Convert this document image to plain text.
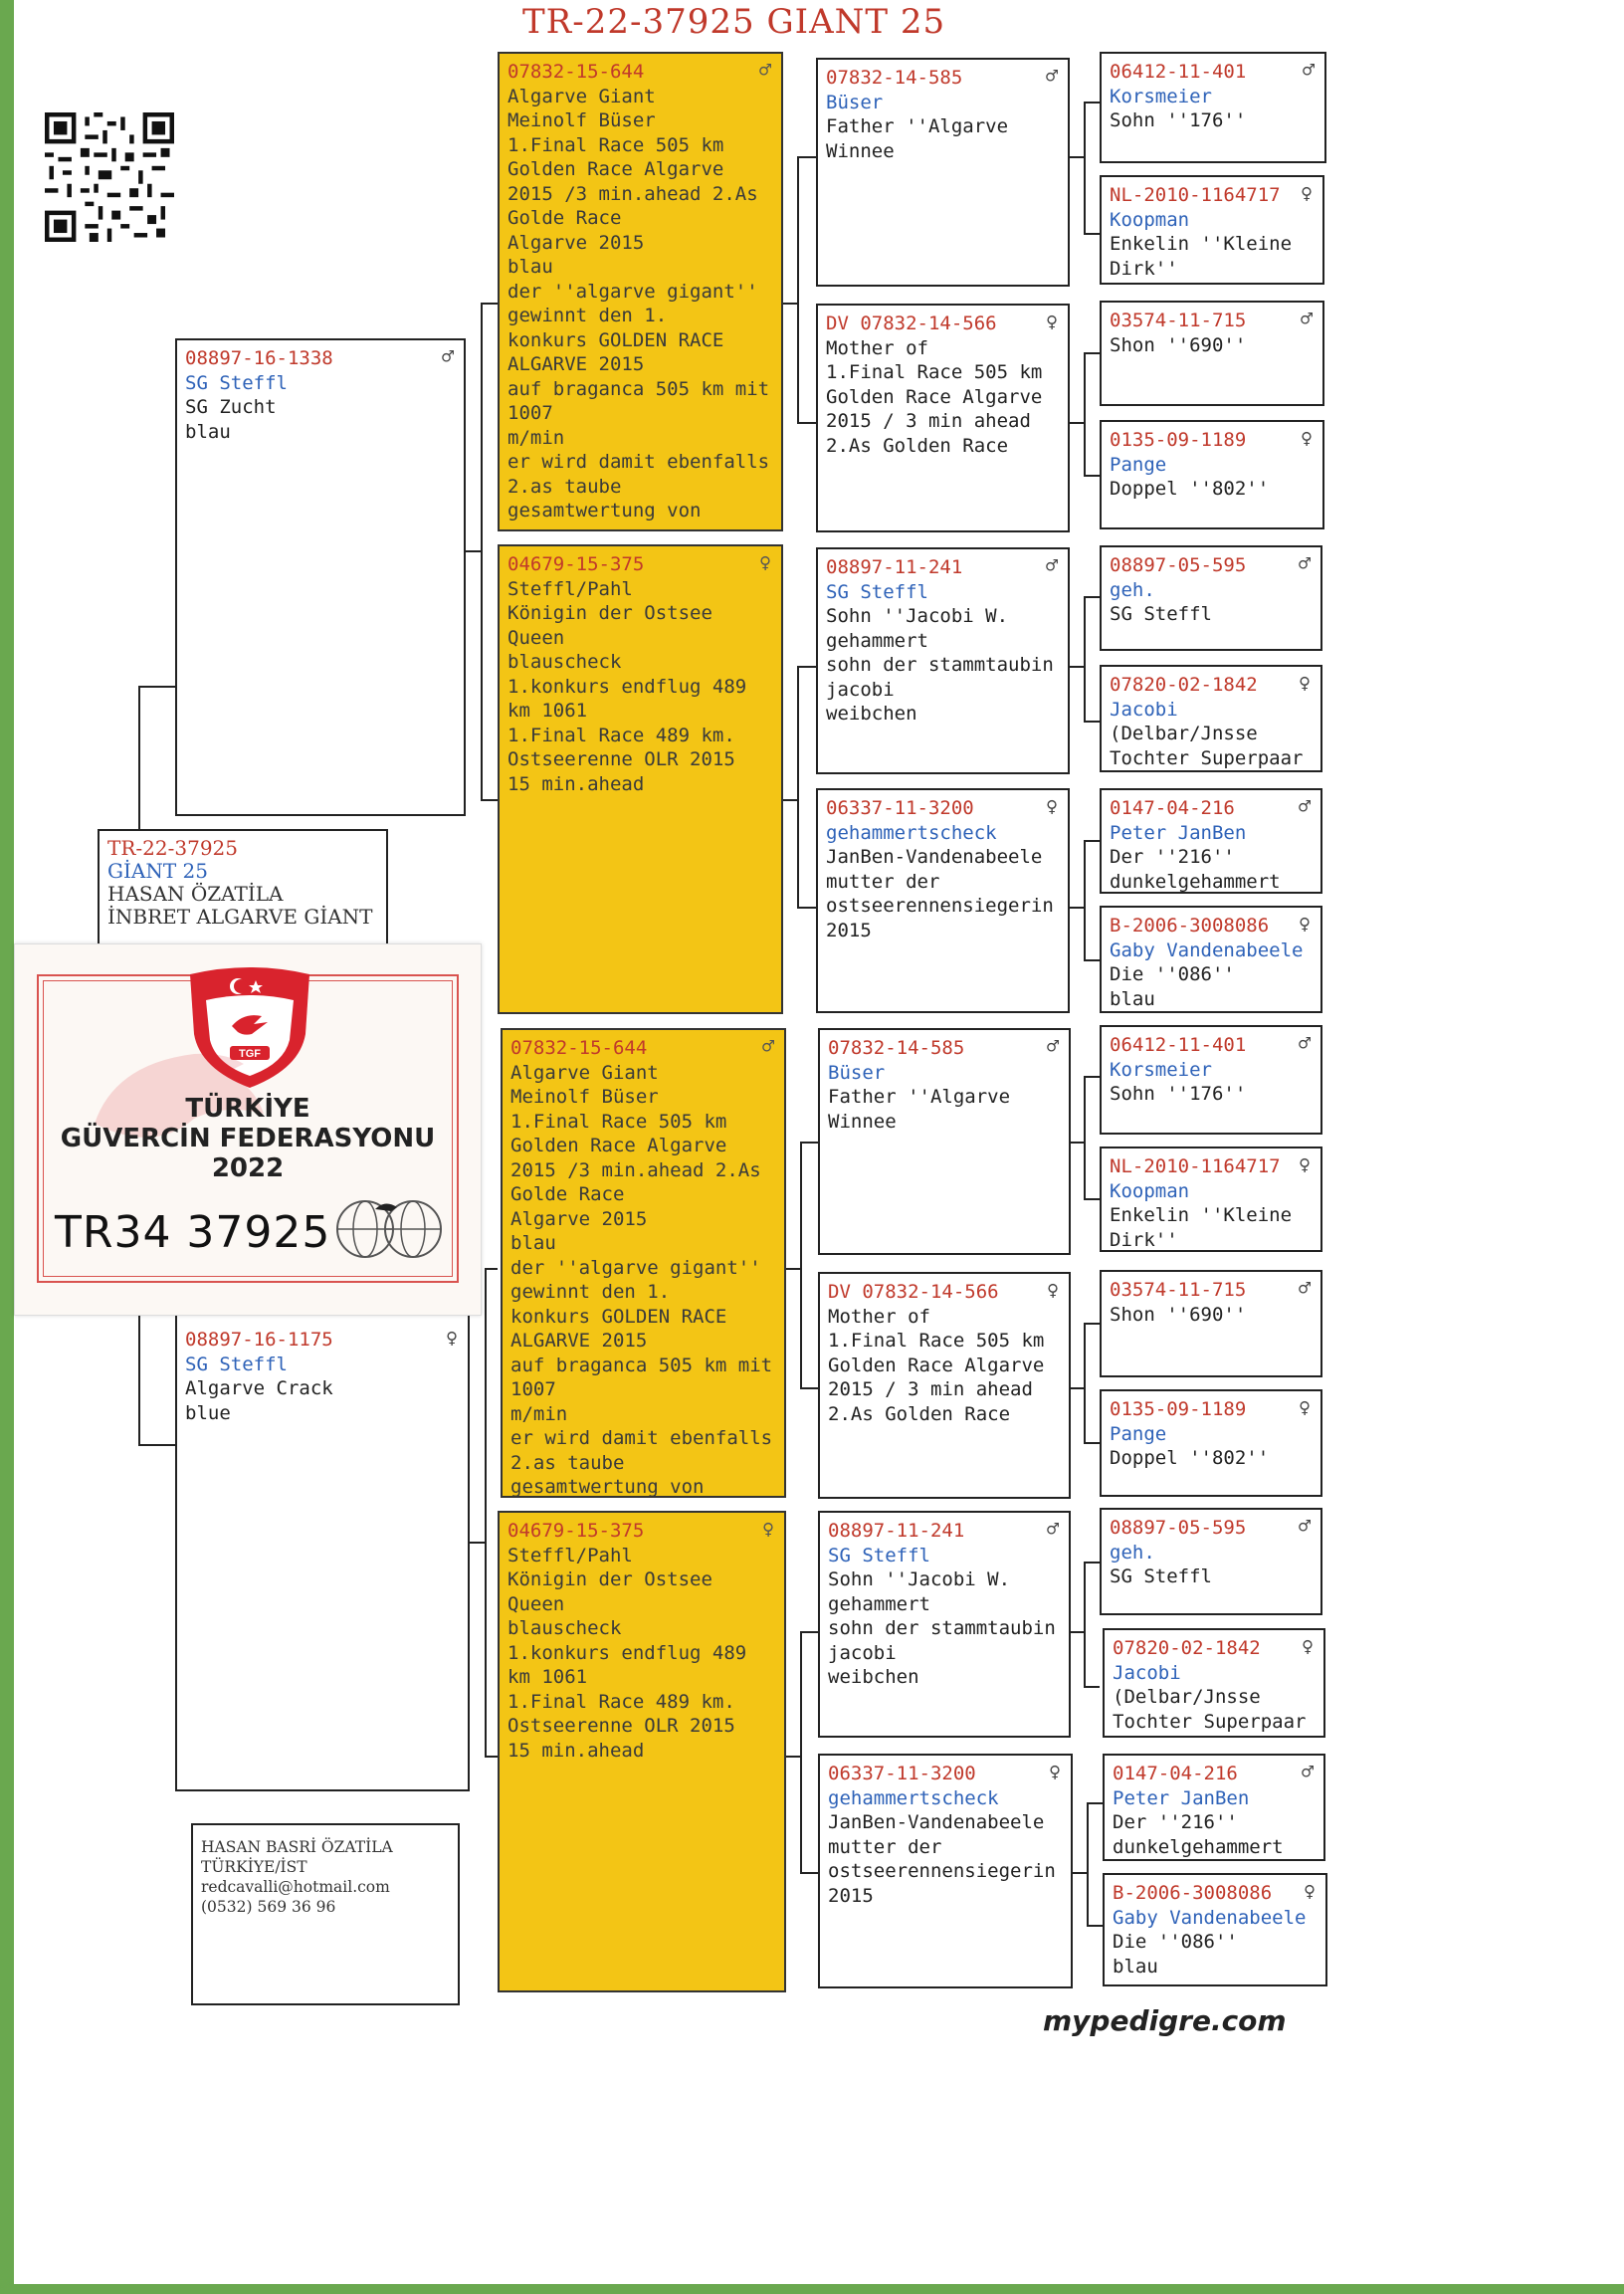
TR-22-37925 GIANT 25
TR-22-37925
GİANT 25
HASAN ÖZATİLA
İNBRET ALGARVE GİANT
♂
08897-16-1338
SG Steffl
SG Zucht
blau
♀
08897-16-1175
SG Steffl
Algarve Crack
blue
♂
07832-15-644
Algarve Giant
Meinolf Büser
1.Final Race 505 km
Golden Race Algarve
2015 /3 min.ahead 2.As
Golde Race
Algarve 2015
blau
der ''algarve gigant''
gewinnt den 1.
konkurs GOLDEN RACE
ALGARVE 2015
auf braganca 505 km mit
1007
m/min
er wird damit ebenfalls
2.as taube
gesamtwertung von
♀
04679-15-375
Steffl/Pahl
Königin der Ostsee
Queen
blauscheck
1.konkurs endflug 489
km 1061
1.Final Race 489 km.
Ostseerenne OLR 2015
15 min.ahead
♂
07832-15-644
Algarve Giant
Meinolf Büser
1.Final Race 505 km
Golden Race Algarve
2015 /3 min.ahead 2.As
Golde Race
Algarve 2015
blau
der ''algarve gigant''
gewinnt den 1.
konkurs GOLDEN RACE
ALGARVE 2015
auf braganca 505 km mit
1007
m/min
er wird damit ebenfalls
2.as taube
gesamtwertung von
♀
04679-15-375
Steffl/Pahl
Königin der Ostsee
Queen
blauscheck
1.konkurs endflug 489
km 1061
1.Final Race 489 km.
Ostseerenne OLR 2015
15 min.ahead
♂
07832-14-585
Büser
Father ''Algarve
Winnee
♀
DV 07832-14-566
Mother of
1.Final Race 505 km
Golden Race Algarve
2015 / 3 min ahead
2.As Golden Race
♂
08897-11-241
SG Steffl
Sohn ''Jacobi W.
gehammert
sohn der stammtaubin
jacobi
weibchen
♀
06337-11-3200
gehammertscheck
JanBen-Vandenabeele
mutter der
ostseerennensiegerin
2015
♂
07832-14-585
Büser
Father ''Algarve
Winnee
♀
DV 07832-14-566
Mother of
1.Final Race 505 km
Golden Race Algarve
2015 / 3 min ahead
2.As Golden Race
♂
08897-11-241
SG Steffl
Sohn ''Jacobi W.
gehammert
sohn der stammtaubin
jacobi
weibchen
♀
06337-11-3200
gehammertscheck
JanBen-Vandenabeele
mutter der
ostseerennensiegerin
2015
♂
06412-11-401
Korsmeier
Sohn ''176''
♀
NL-2010-1164717
Koopman
Enkelin ''Kleine
Dirk''
♂
03574-11-715
Shon ''690''
♀
0135-09-1189
Pange
Doppel ''802''
♂
08897-05-595
geh.
SG Steffl
♀
07820-02-1842
Jacobi
(Delbar/Jnsse
Tochter Superpaar
♂
0147-04-216
Peter JanBen
Der ''216''
dunkelgehammert
♀
B-2006-3008086
Gaby Vandenabeele
Die ''086''
blau
♂
06412-11-401
Korsmeier
Sohn ''176''
♀
NL-2010-1164717
Koopman
Enkelin ''Kleine
Dirk''
♂
03574-11-715
Shon ''690''
♀
0135-09-1189
Pange
Doppel ''802''
♂
08897-05-595
geh.
SG Steffl
♀
07820-02-1842
Jacobi
(Delbar/Jnsse
Tochter Superpaar
♂
0147-04-216
Peter JanBen
Der ''216''
dunkelgehammert
♀
B-2006-3008086
Gaby Vandenabeele
Die ''086''
blau
HASAN BASRİ ÖZATİLA
TÜRKİYE/İST
redcavalli@hotmail.com
(0532) 569 36 96
mypedigre.com
TGF
TÜRKİYE
GÜVERCİN FEDERASYONU
2022
TR34 37925
